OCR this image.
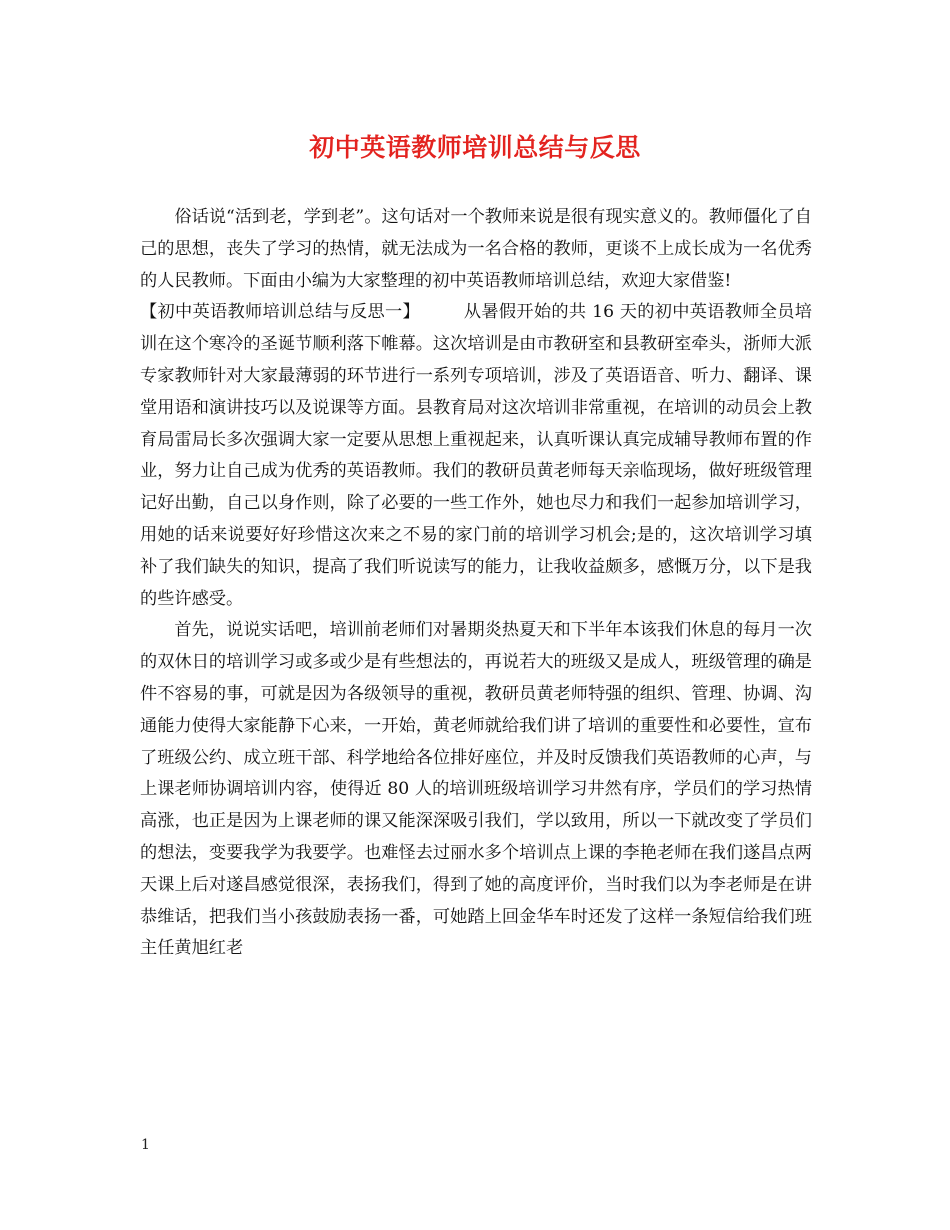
初中英语教师培训总结与反思

俗话说“活到老，学到老”。这句话对一个教师来说是很有现实意义的。教师僵化了自己的思想，丧失了学习的热情，就无法成为一名合格的教师，更谈不上成长成为一名优秀的人民教师。下面由小编为大家整理的初中英语教师培训总结，欢迎大家借鉴!

【初中英语教师培训总结与反思一】　　　	从暑假开始的共 16 天的初中英语教师全员培训在这个寒冷的圣诞节顺利落下帷幕。这次培训是由市教研室和县教研室牵头，浙师大派专家教师针对大家最薄弱的环节进行一系列专项培训，涉及了英语语音、听力、翻译、课堂用语和演讲技巧以及说课等方面。县教育局对这次培训非常重视，在培训的动员会上教育局雷局长多次强调大家一定要从思想上重视起来，认真听课认真完成辅导教师布置的作业，努力让自己成为优秀的英语教师。我们的教研员黄老师每天亲临现场，做好班级管理记好出勤，自己以身作则，除了必要的一些工作外，她也尽力和我们一起参加培训学习，用她的话来说要好好珍惜这次来之不易的家门前的培训学习机会;是的，这次培训学习填补了我们缺失的知识，提高了我们听说读写的能力，让我收益颇多，感慨万分，以下是我的些许感受。

首先，说说实话吧，培训前老师们对暑期炎热夏天和下半年本该我们休息的每月一次的双休日的培训学习或多或少是有些想法的，再说若大的班级又是成人，班级管理的确是件不容易的事，可就是因为各级领导的重视，教研员黄老师特强的组织、管理、协调、沟通能力使得大家能静下心来，一开始，黄老师就给我们讲了培训的重要性和必要性，宣布了班级公约、成立班干部、科学地给各位排好座位，并及时反馈我们英语教师的心声，与上课老师协调培训内容，使得近 80 人的培训班级培训学习井然有序，学员们的学习热情高涨，也正是因为上课老师的课又能深深吸引我们，学以致用，所以一下就改变了学员们的想法，变要我学为我要学。也难怪去过丽水多个培训点上课的李艳老师在我们遂昌点两天课上后对遂昌感觉很深，表扬我们，得到了她的高度评价，当时我们以为李老师是在讲恭维话，把我们当小孩鼓励表扬一番，可她踏上回金华车时还发了这样一条短信给我们班主任黄旭红老

1
